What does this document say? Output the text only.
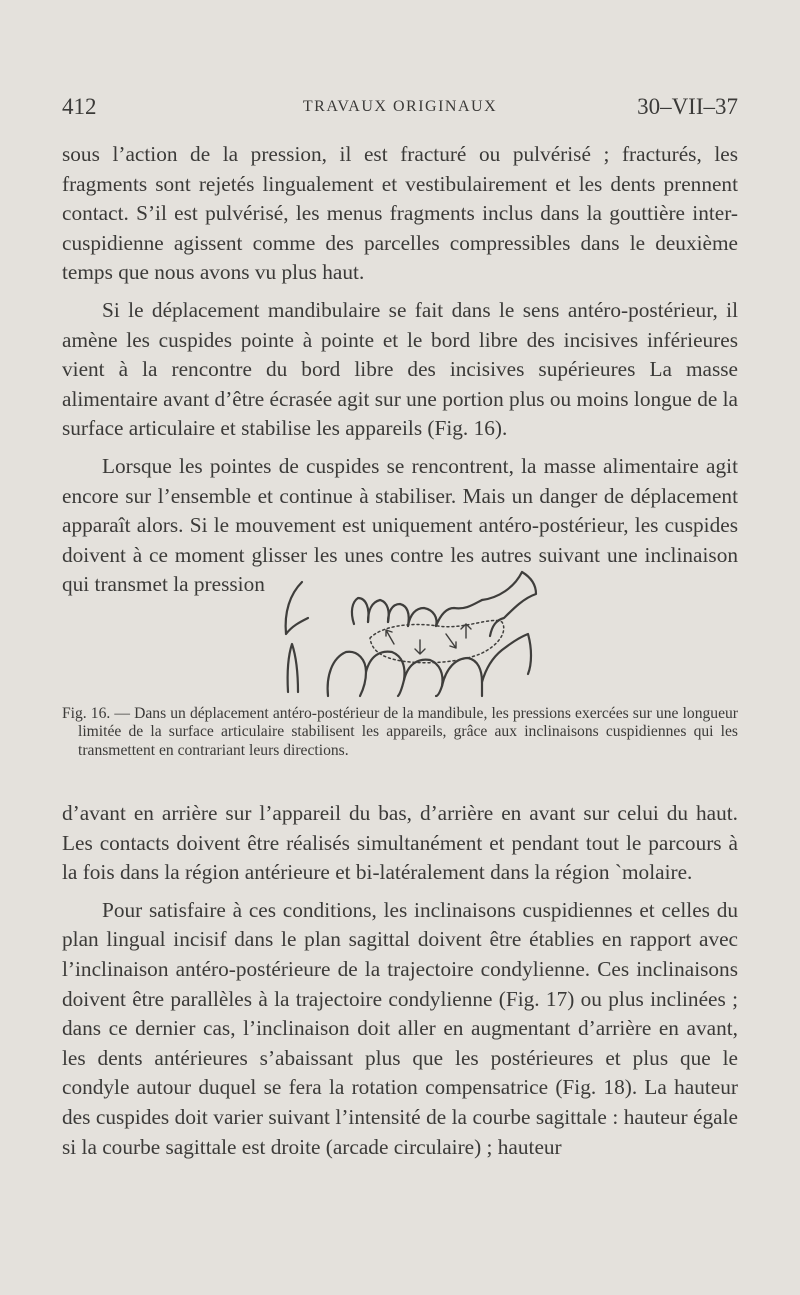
412	TRAVAUX ORIGINAUX	30–VII–37

sous l’action de la pression, il est fracturé ou pulvérisé ; fracturés, les fragments sont rejetés lingualement et vestibulairement et les dents prennent contact. S’il est pulvérisé, les menus fragments inclus dans la gouttière inter-cuspidienne agissent comme des parcelles compressibles dans le deuxième temps que nous avons vu plus haut.

Si le déplacement mandibulaire se fait dans le sens antéro-postérieur, il amène les cuspides pointe à pointe et le bord libre des incisives inférieures vient à la rencontre du bord libre des incisives supérieures La masse alimentaire avant d’être écrasée agit sur une portion plus ou moins longue de la surface articulaire et stabilise les appareils (Fig. 16).

Lorsque les pointes de cuspides se rencontrent, la masse alimentaire agit encore sur l’ensemble et continue à stabiliser. Mais un danger de déplacement apparaît alors. Si le mouvement est uniquement antéro-postérieur, les cuspides doivent à ce moment glisser les unes contre les autres suivant une inclinaison qui transmet la pression

Fig. 16. — Dans un déplacement antéro-postérieur de la mandibule, les pressions exercées sur une longueur limitée de la surface articulaire stabilisent les appareils, grâce aux inclinaisons cuspidiennes qui les transmettent en contrariant leurs directions.

d’avant en arrière sur l’appareil du bas, d’arrière en avant sur celui du haut. Les contacts doivent être réalisés simultanément et pendant tout le parcours à la fois dans la région antérieure et bi-latéralement dans la région ˋmolaire.

Pour satisfaire à ces conditions, les inclinaisons cuspidiennes et celles du plan lingual incisif dans le plan sagittal doivent être établies en rapport avec l’inclinaison antéro-postérieure de la trajectoire condylienne. Ces inclinaisons doivent être parallèles à la trajectoire condylienne (Fig. 17) ou plus inclinées ; dans ce dernier cas, l’inclinaison doit aller en augmentant d’arrière en avant, les dents antérieures s’abaissant plus que les postérieures et plus que le condyle autour duquel se fera la rotation compensatrice (Fig. 18). La hauteur des cuspides doit varier suivant l’intensité de la courbe sagittale : hauteur égale si la courbe sagittale est droite (arcade circulaire) ; hauteur
